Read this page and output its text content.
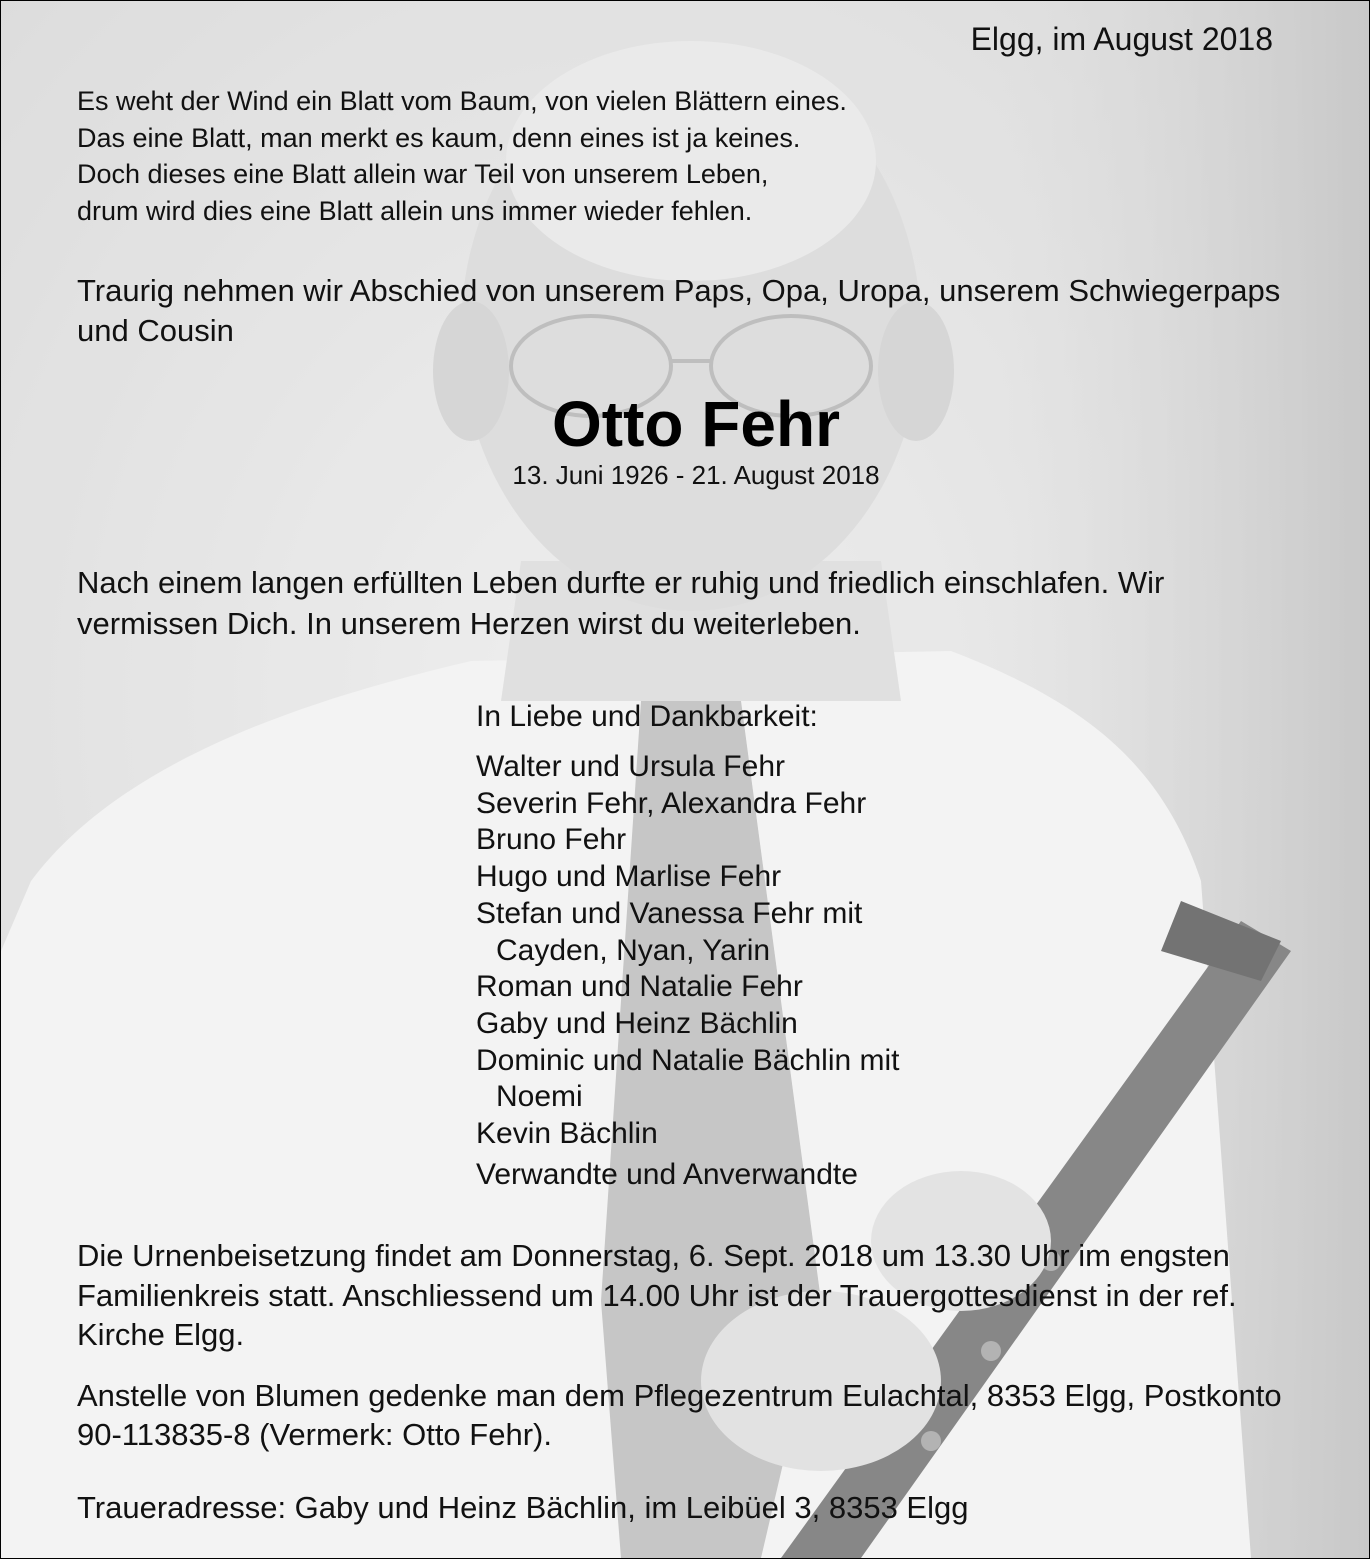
Elgg, im August 2018
Es weht der Wind ein Blatt vom Baum, von vielen Blättern eines.
Das eine Blatt, man merkt es kaum, denn eines ist ja keines.
Doch dieses eine Blatt allein war Teil von unserem Leben,
drum wird dies eine Blatt allein uns immer wieder fehlen.

Traurig nehmen wir Abschied von unserem Paps, Opa, Uropa, unserem Schwiegerpaps und Cousin

Otto Fehr
13. Juni 1926 - 21. August 2018

Nach einem langen erfüllten Leben durfte er ruhig und friedlich einschlafen. Wir vermissen Dich. In unserem Herzen wirst du weiterleben.

In Liebe und Dankbarkeit:
Walter und Ursula Fehr
Severin Fehr, Alexandra Fehr
Bruno Fehr
Hugo und Marlise Fehr
Stefan und Vanessa Fehr mit
Cayden, Nyan, Yarin
Roman und Natalie Fehr
Gaby und Heinz Bächlin
Dominic und Natalie Bächlin mit
Noemi
Kevin Bächlin
Verwandte und Anverwandte

Die Urnenbeisetzung findet am Donnerstag, 6. Sept. 2018 um 13.30 Uhr im engsten Familienkreis statt. Anschliessend um 14.00 Uhr ist der Trauergottesdienst in der ref. Kirche Elgg.

Anstelle von Blumen gedenke man dem Pflegezentrum Eulachtal, 8353 Elgg, Postkonto 90-113835-8 (Vermerk: Otto Fehr).

Traueradresse: Gaby und Heinz Bächlin, im Leibüel 3, 8353 Elgg
